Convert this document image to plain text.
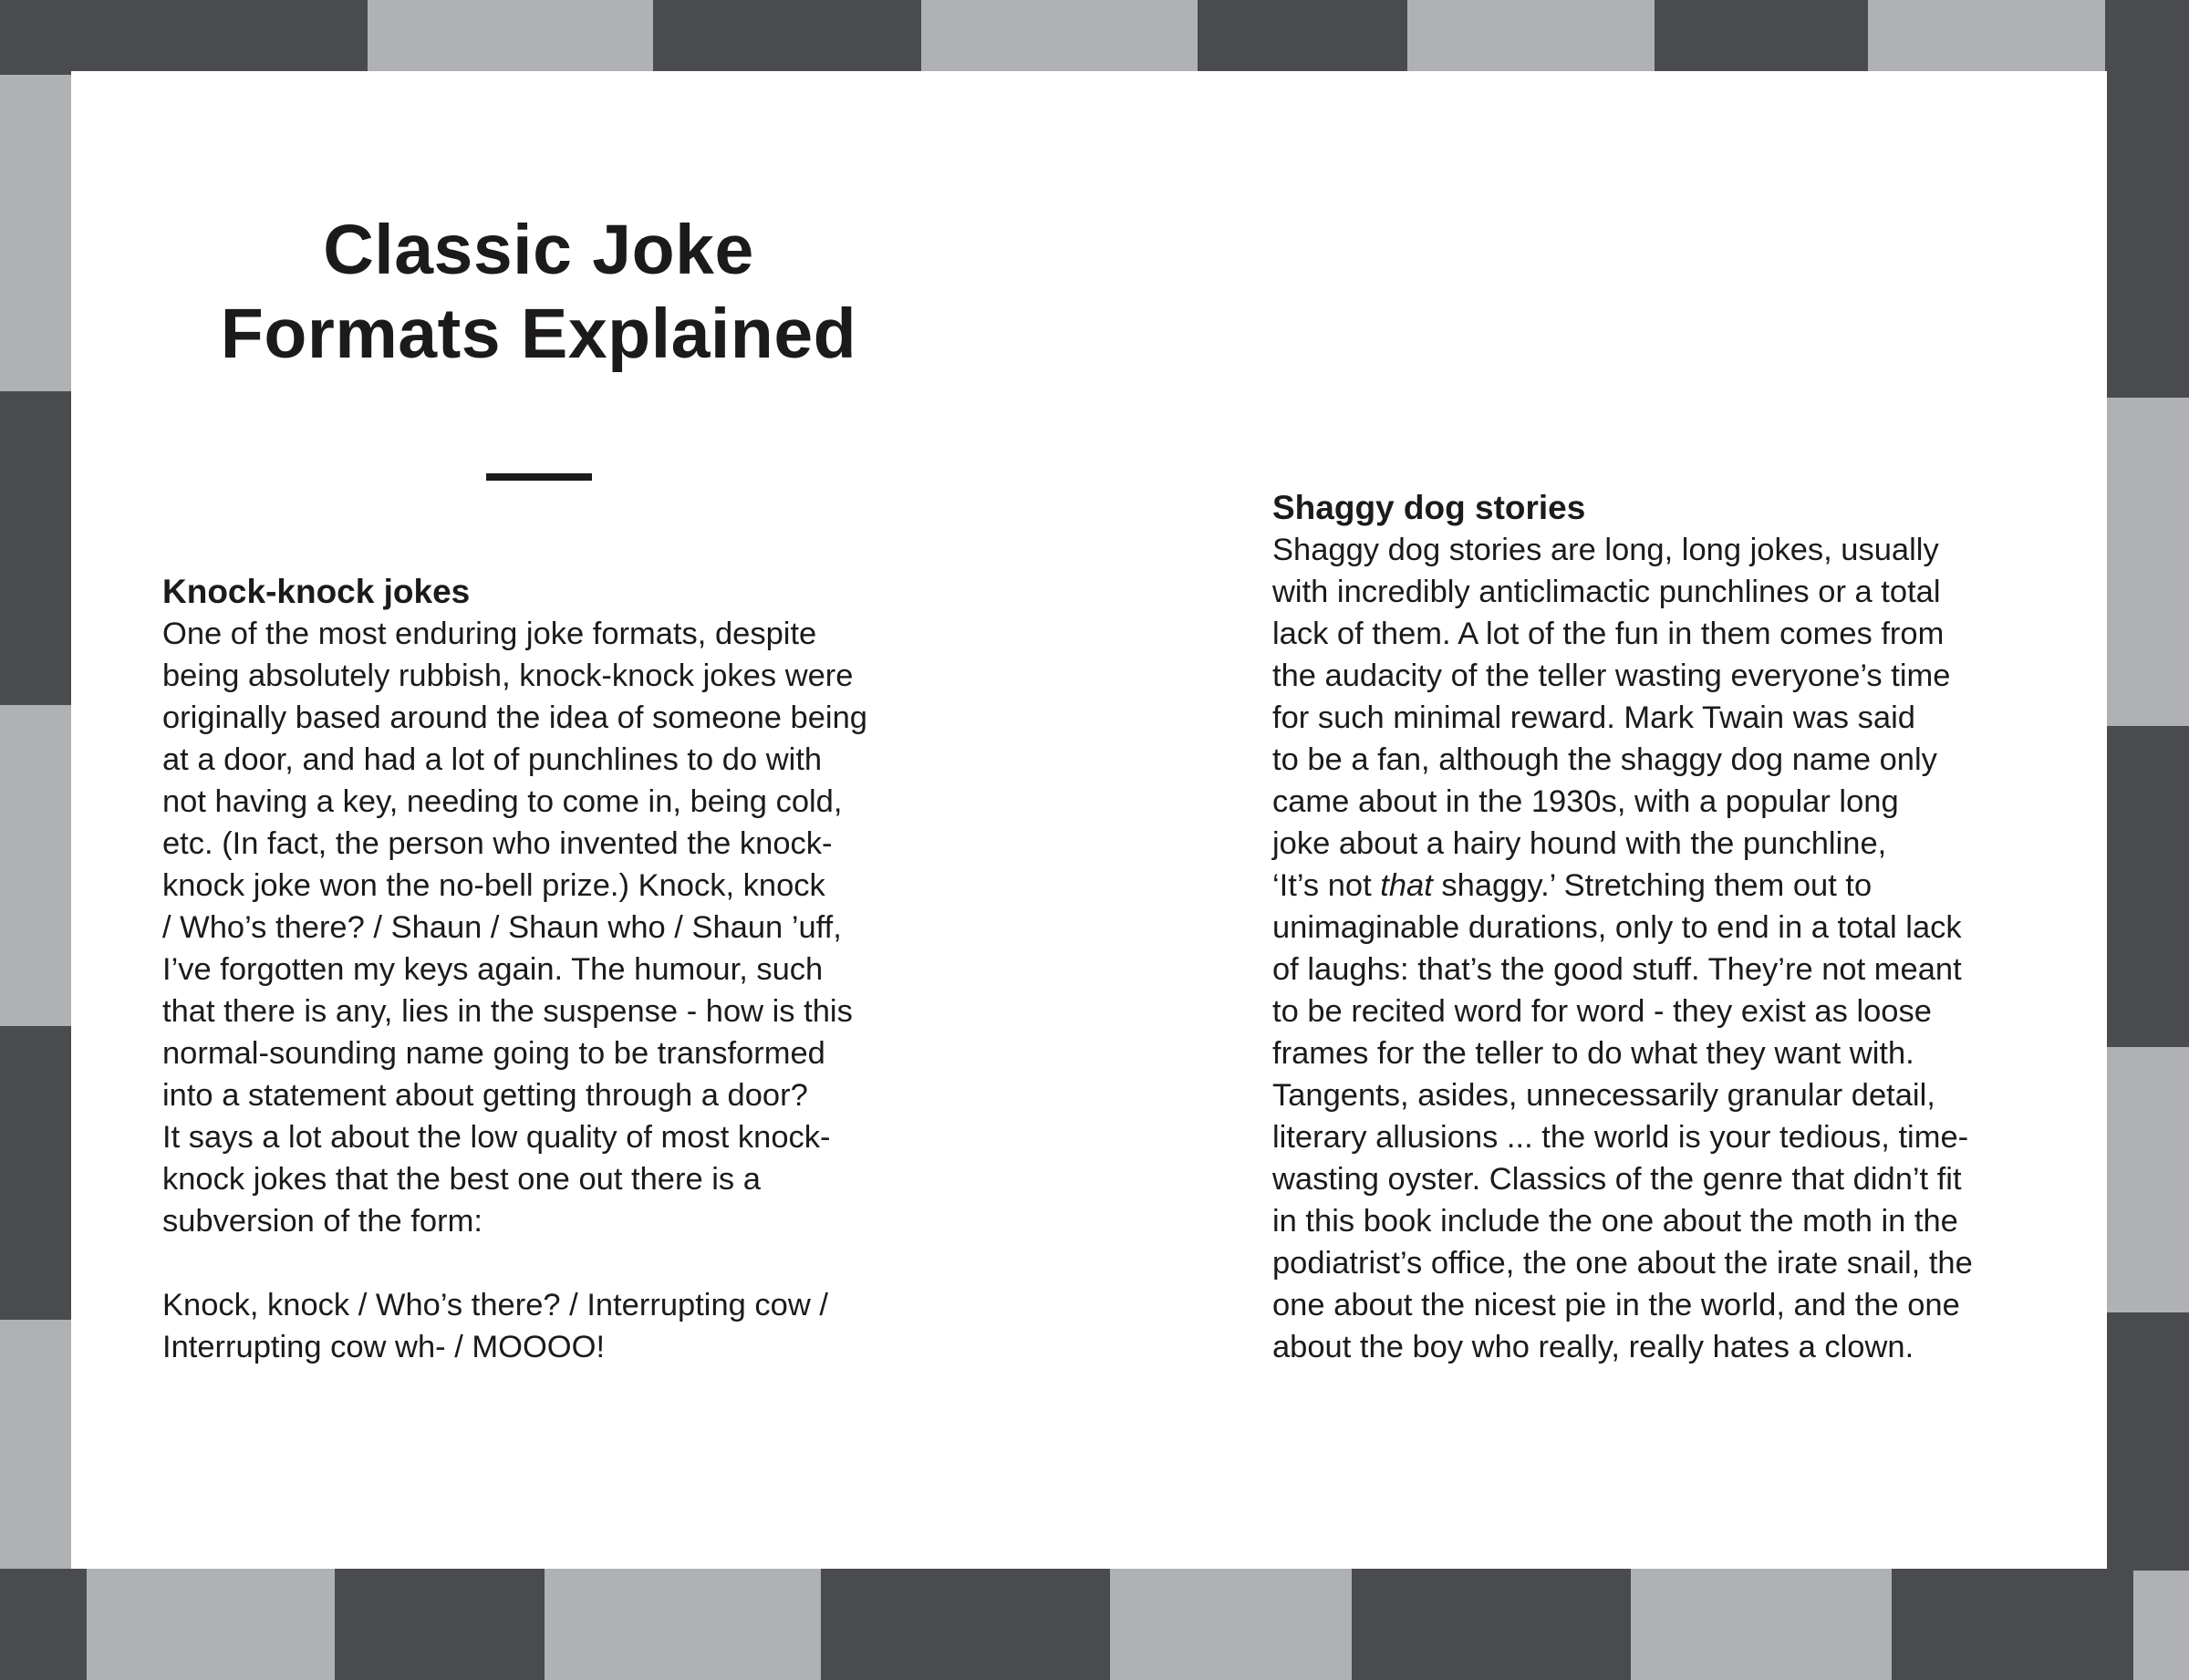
Classic Joke
Formats Explained
Knock-knock jokes
One of the most enduring joke formats, despite
being absolutely rubbish, knock-knock jokes were
originally based around the idea of someone being
at a door, and had a lot of punchlines to do with
not having a key, needing to come in, being cold,
etc. (In fact, the person who invented the knock-
knock joke won the no-bell prize.) Knock, knock
/ Who’s there? / Shaun / Shaun who / Shaun ’uff,
I’ve forgotten my keys again. The humour, such
that there is any, lies in the suspense - how is this
normal-sounding name going to be transformed
into a statement about getting through a door?
It says a lot about the low quality of most knock-
knock jokes that the best one out there is a
subversion of the form:
Knock, knock / Who’s there? / Interrupting cow /
Interrupting cow wh- / MOOOO!
Shaggy dog stories
Shaggy dog stories are long, long jokes, usually
with incredibly anticlimactic punchlines or a total
lack of them. A lot of the fun in them comes from
the audacity of the teller wasting everyone’s time
for such minimal reward. Mark Twain was said
to be a fan, although the shaggy dog name only
came about in the 1930s, with a popular long
joke about a hairy hound with the punchline,
‘It’s not that shaggy.’ Stretching them out to
unimaginable durations, only to end in a total lack
of laughs: that’s the good stuff. They’re not meant
to be recited word for word - they exist as loose
frames for the teller to do what they want with.
Tangents, asides, unnecessarily granular detail,
literary allusions ... the world is your tedious, time-
wasting oyster. Classics of the genre that didn’t fit
in this book include the one about the moth in the
podiatrist’s office, the one about the irate snail, the
one about the nicest pie in the world, and the one
about the boy who really, really hates a clown.
